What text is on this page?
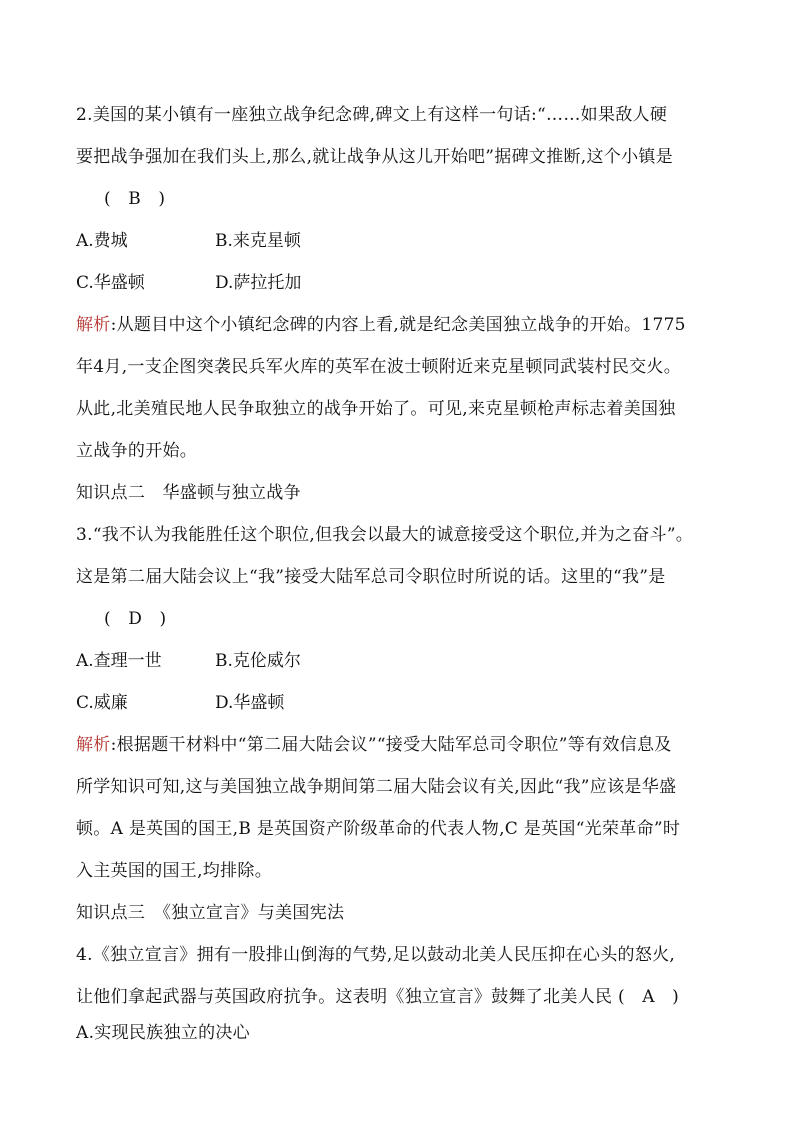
2.美国的某小镇有一座独立战争纪念碑,碑文上有这样一句话:“……如果敌人硬
要把战争强加在我们头上,那么,就让战争从这儿开始吧”据碑文推断,这个小镇是
(　B　)
A.费城	B.来克星顿
C.华盛顿	D.萨拉托加
解析:从题目中这个小镇纪念碑的内容上看,就是纪念美国独立战争的开始。1775
年4月,一支企图突袭民兵军火库的英军在波士顿附近来克星顿同武装村民交火。
从此,北美殖民地人民争取独立的战争开始了。可见,来克星顿枪声标志着美国独
立战争的开始。
知识点二　华盛顿与独立战争
3.“我不认为我能胜任这个职位,但我会以最大的诚意接受这个职位,并为之奋斗”。
这是第二届大陆会议上“我”接受大陆军总司令职位时所说的话。这里的“我”是
(　D　)
A.查理一世	B.克伦威尔
C.威廉	D.华盛顿
解析:根据题干材料中“第二届大陆会议”“接受大陆军总司令职位”等有效信息及
所学知识可知,这与美国独立战争期间第二届大陆会议有关,因此“我”应该是华盛
顿。A 是英国的国王,B 是英国资产阶级革命的代表人物,C 是英国“光荣革命”时
入主英国的国王,均排除。
知识点三　《独立宣言》与美国宪法
4.《独立宣言》拥有一股排山倒海的气势,足以鼓动北美人民压抑在心头的怒火,
让他们拿起武器与英国政府抗争。这表明《独立宣言》鼓舞了北美人民 (　A　)
A.实现民族独立的决心
